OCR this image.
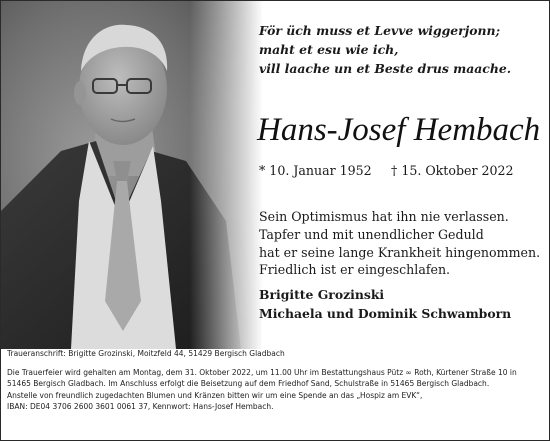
För üch muss et Levve wiggerjonn;
maht et esu wie ich,
vill laache un et Beste drus maache.
Hans-Josef Hembach
* 10. Januar 1952 † 15. Oktober 2022
Sein Optimismus hat ihn nie verlassen.
Tapfer und mit unendlicher Geduld
hat er seine lange Krankheit hingenommen.
Friedlich ist er eingeschlafen.
Brigitte Grozinski
Michaela und Dominik Schwamborn
Traueranschrift: Brigitte Grozinski, Moitzfeld 44, 51429 Bergisch Gladbach
Die Trauerfeier wird gehalten am Montag, dem 31. Oktober 2022, um 11.00 Uhr im Bestattungshaus Pütz ∞ Roth, Kürtener Straße 10 in
51465 Bergisch Gladbach. Im Anschluss erfolgt die Beisetzung auf dem Friedhof Sand, Schulstraße in 51465 Bergisch Gladbach.
Anstelle von freundlich zugedachten Blumen und Kränzen bitten wir um eine Spende an das „Hospiz am EVK“,
IBAN: DE04 3706 2600 3601 0061 37, Kennwort: Hans-Josef Hembach.
